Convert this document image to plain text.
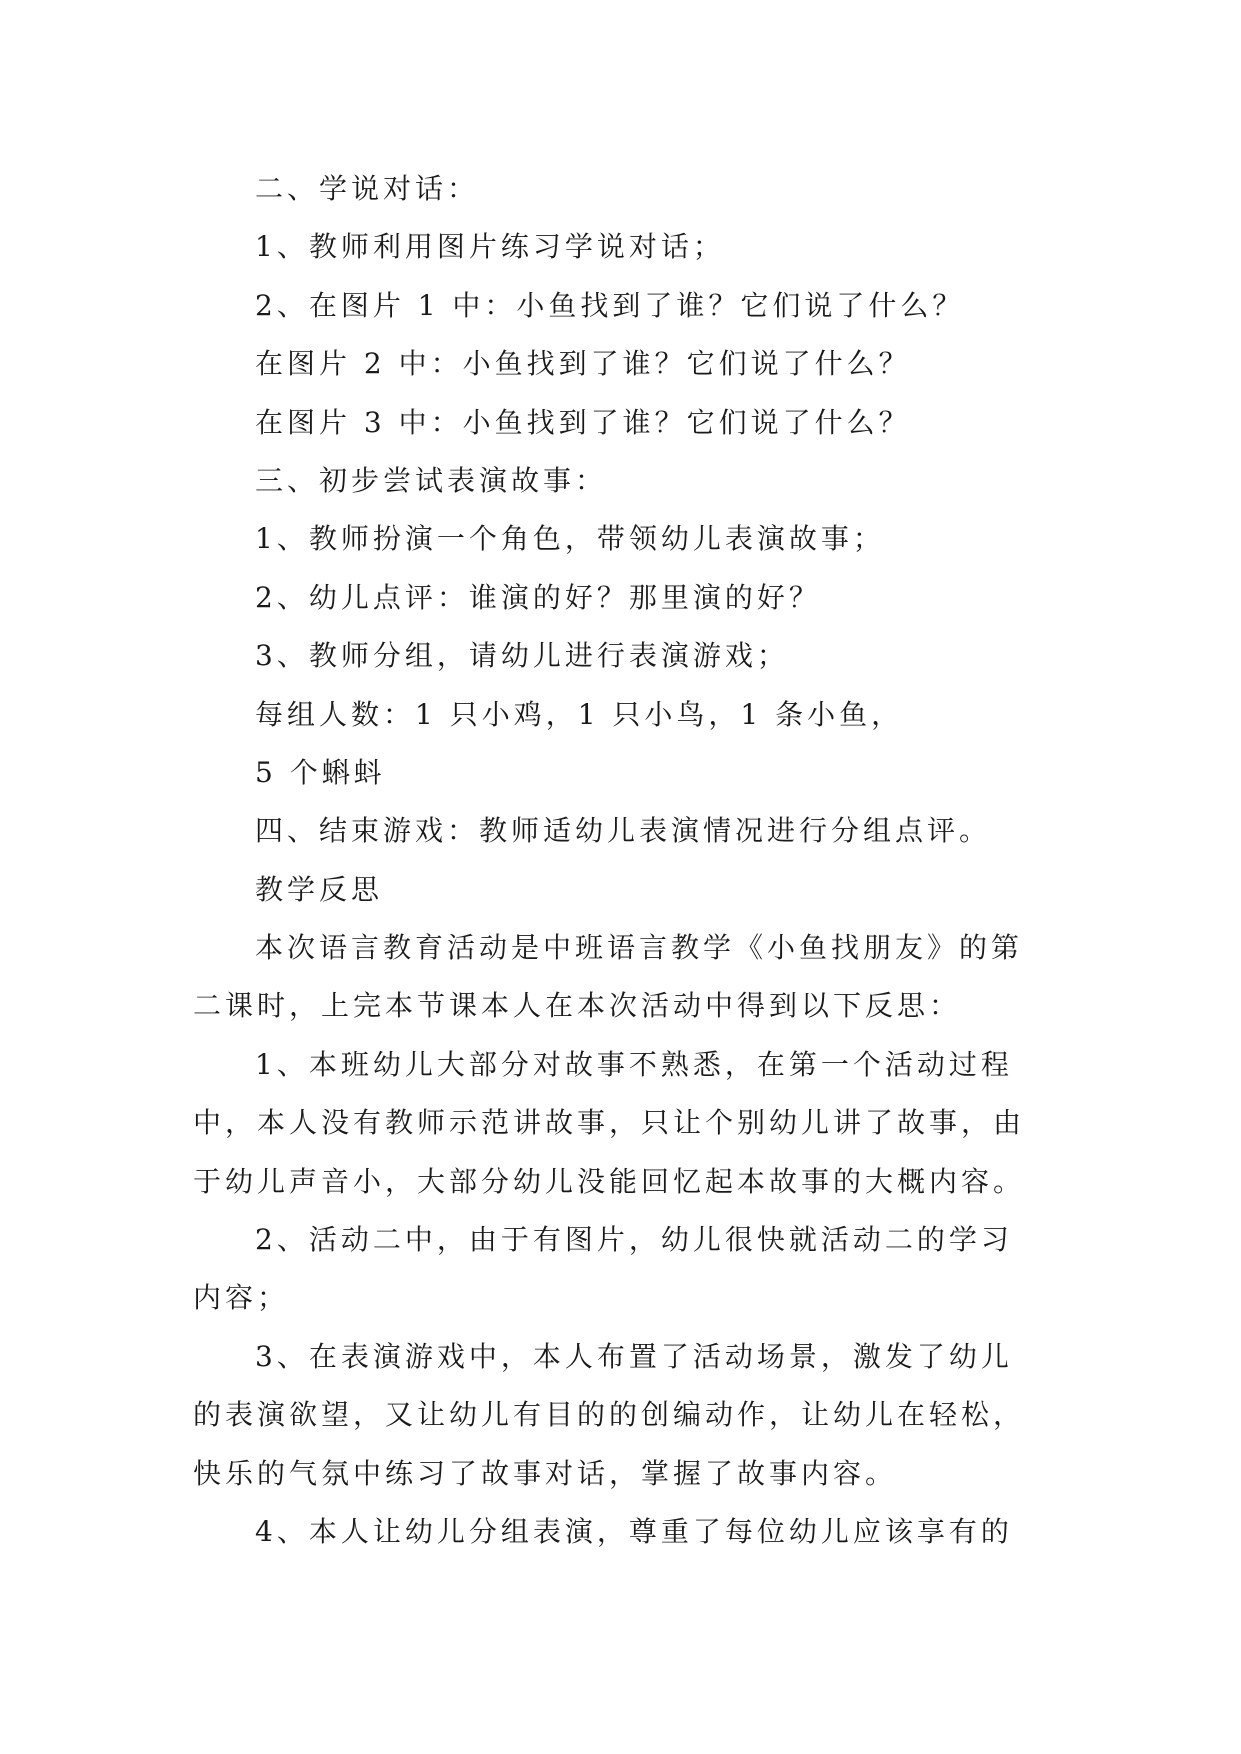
二、学说对话：
1、教师利用图片练习学说对话；
2、在图片 1 中：小鱼找到了谁？它们说了什么？
在图片 2 中：小鱼找到了谁？它们说了什么？
在图片 3 中：小鱼找到了谁？它们说了什么？
三、初步尝试表演故事：
1、教师扮演一个角色，带领幼儿表演故事；
2、幼儿点评：谁演的好？那里演的好？
3、教师分组，请幼儿进行表演游戏；
每组人数：1 只小鸡，1 只小鸟，1 条小鱼，
5 个蝌蚪
四、结束游戏：教师适幼儿表演情况进行分组点评。
教学反思
本次语言教育活动是中班语言教学《小鱼找朋友》的第
二课时，上完本节课本人在本次活动中得到以下反思：
1、本班幼儿大部分对故事不熟悉，在第一个活动过程
中，本人没有教师示范讲故事，只让个别幼儿讲了故事，由
于幼儿声音小，大部分幼儿没能回忆起本故事的大概内容。
2、活动二中，由于有图片，幼儿很快就活动二的学习
内容；
3、在表演游戏中，本人布置了活动场景，激发了幼儿
的表演欲望，又让幼儿有目的的创编动作，让幼儿在轻松，
快乐的气氛中练习了故事对话，掌握了故事内容。
4、本人让幼儿分组表演，尊重了每位幼儿应该享有的
